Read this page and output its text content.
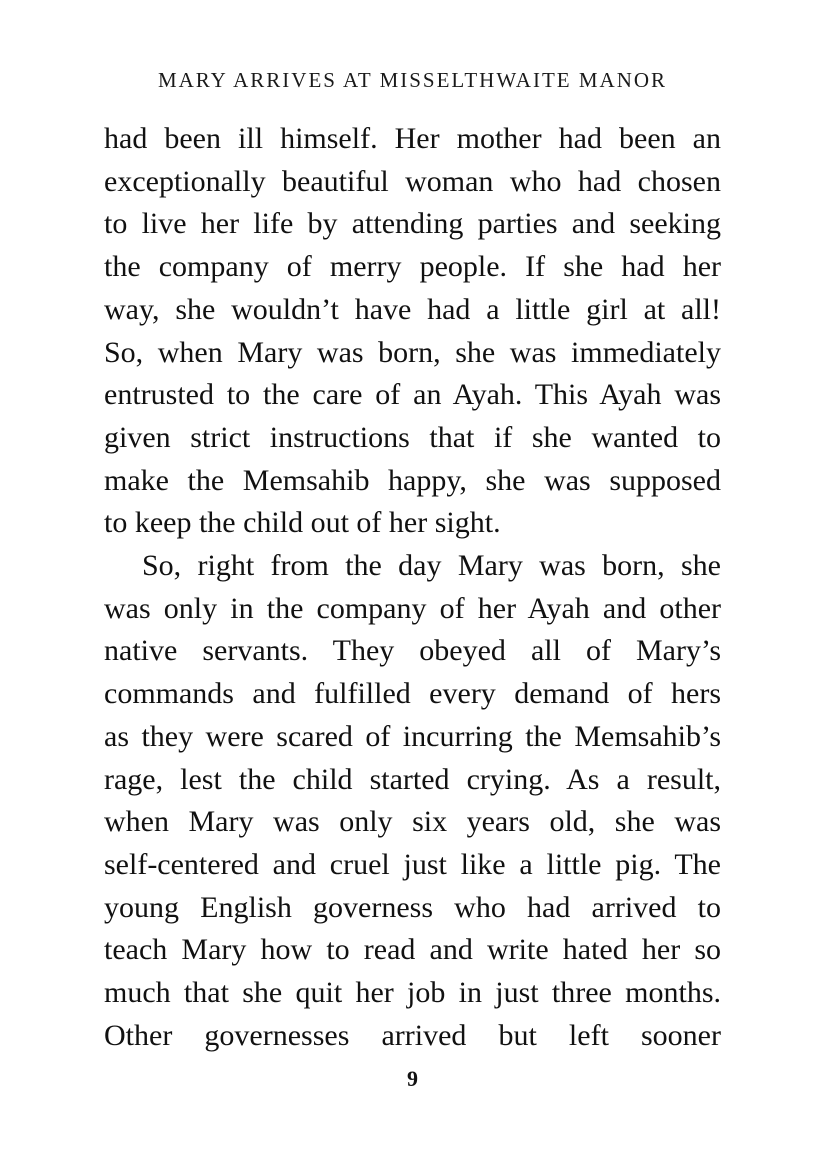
MARY ARRIVES AT MISSELTHWAITE MANOR

had been ill himself. Her mother had been an
exceptionally beautiful woman who had chosen
to live her life by attending parties and seeking
the company of merry people. If she had her
way, she wouldn’t have had a little girl at all!
So, when Mary was born, she was immediately
entrusted to the care of an Ayah. This Ayah was
given strict instructions that if she wanted to
make the Memsahib happy, she was supposed
to keep the child out of her sight.

So, right from the day Mary was born, she
was only in the company of her Ayah and other
native servants. They obeyed all of Mary’s
commands and fulfilled every demand of hers
as they were scared of incurring the Memsahib’s
rage, lest the child started crying. As a result,
when Mary was only six years old, she was
self-centered and cruel just like a little pig. The
young English governess who had arrived to
teach Mary how to read and write hated her so
much that she quit her job in just three months.
Other governesses arrived but left sooner

9
